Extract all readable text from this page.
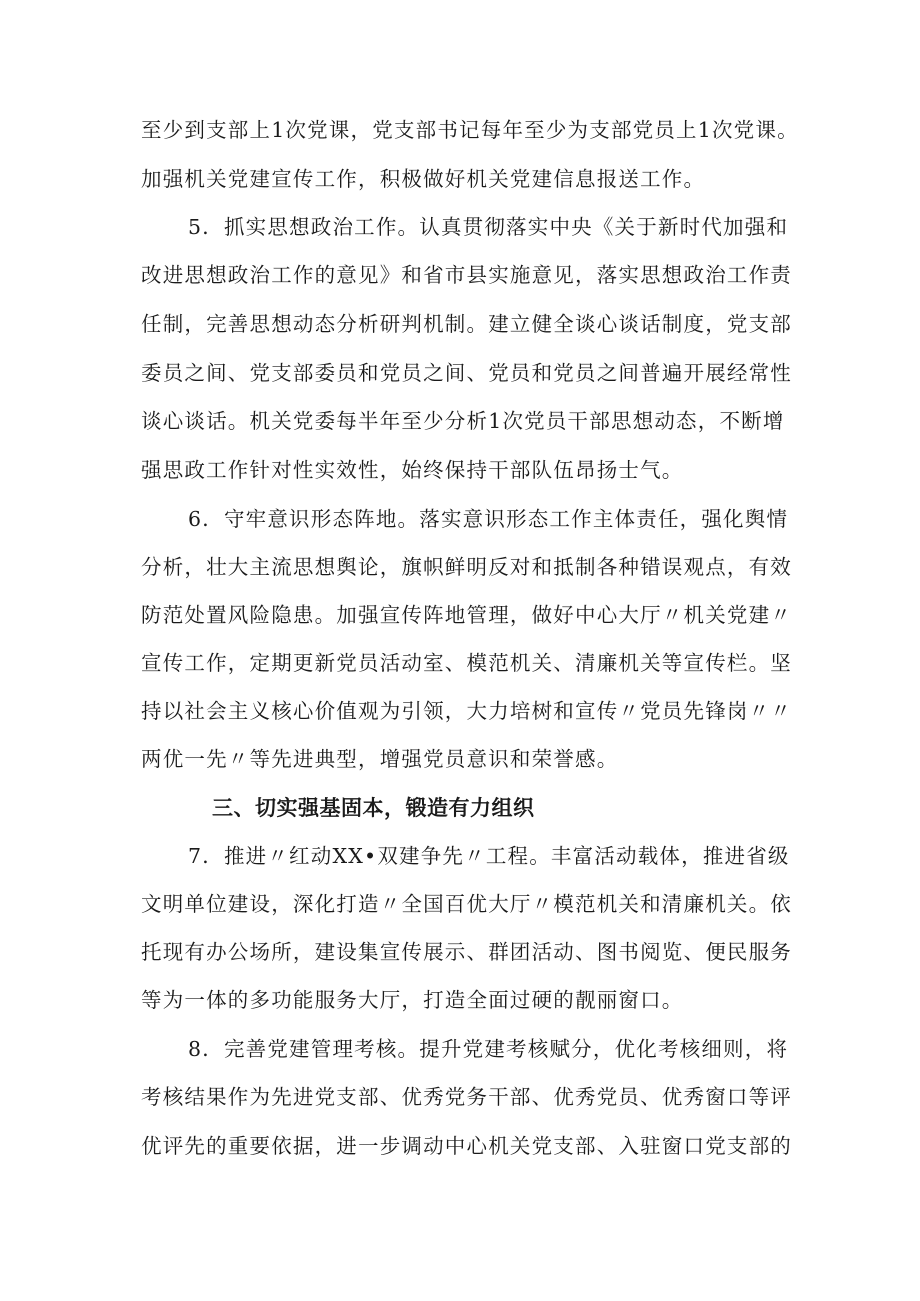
至少到支部上1次党课，党支部书记每年至少为支部党员上1次党课。

加强机关党建宣传工作，积极做好机关党建信息报送工作。

5．抓实思想政治工作。认真贯彻落实中央《关于新时代加强和

改进思想政治工作的意见》和省市县实施意见，落实思想政治工作责

任制，完善思想动态分析研判机制。建立健全谈心谈话制度，党支部

委员之间、党支部委员和党员之间、党员和党员之间普遍开展经常性

谈心谈话。机关党委每半年至少分析1次党员干部思想动态，不断增

强思政工作针对性实效性，始终保持干部队伍昂扬士气。

6．守牢意识形态阵地。落实意识形态工作主体责任，强化舆情

分析，壮大主流思想舆论，旗帜鲜明反对和抵制各种错误观点，有效

防范处置风险隐患。加强宣传阵地管理，做好中心大厅〃机关党建〃

宣传工作，定期更新党员活动室、模范机关、清廉机关等宣传栏。坚

持以社会主义核心价值观为引领，大力培树和宣传〃党员先锋岗〃〃

两优一先〃等先进典型，增强党员意识和荣誉感。

三、切实强基固本，锻造有力组织

7．推进〃红动XX•双建争先〃工程。丰富活动载体，推进省级

文明单位建设，深化打造〃全国百优大厅〃模范机关和清廉机关。依

托现有办公场所，建设集宣传展示、群团活动、图书阅览、便民服务

等为一体的多功能服务大厅，打造全面过硬的靓丽窗口。

8．完善党建管理考核。提升党建考核赋分，优化考核细则，将

考核结果作为先进党支部、优秀党务干部、优秀党员、优秀窗口等评

优评先的重要依据，进一步调动中心机关党支部、入驻窗口党支部的
